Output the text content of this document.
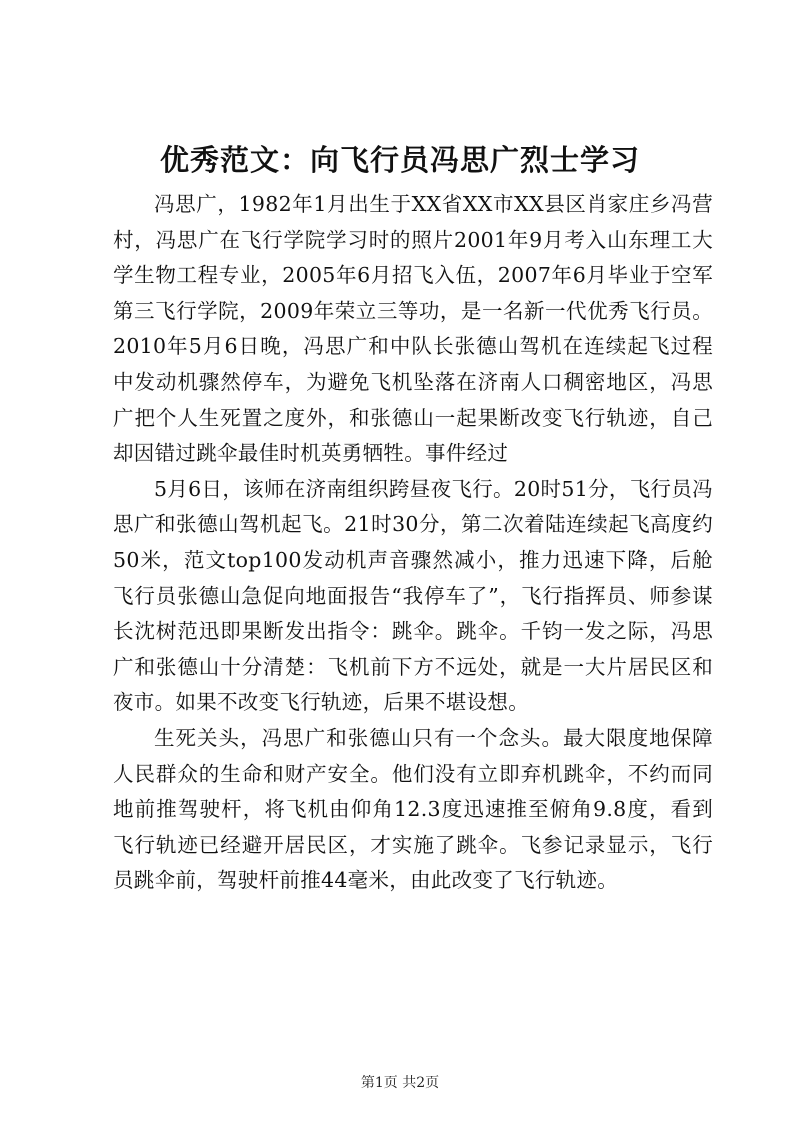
优秀范文：向飞行员冯思广烈士学习

冯思广，1982年1月出生于XX省XX市XX县区肖家庄乡冯营村，冯思广在飞行学院学习时的照片2001年9月考入山东理工大学生物工程专业，2005年6月招飞入伍，2007年6月毕业于空军第三飞行学院，2009年荣立三等功，是一名新一代优秀飞行员。2010年5月6日晚，冯思广和中队长张德山驾机在连续起飞过程中发动机骤然停车，为避免飞机坠落在济南人口稠密地区，冯思广把个人生死置之度外，和张德山一起果断改变飞行轨迹，自己却因错过跳伞最佳时机英勇牺牲。事件经过

5月6日，该师在济南组织跨昼夜飞行。20时51分，飞行员冯思广和张德山驾机起飞。21时30分，第二次着陆连续起飞高度约50米，范文top100发动机声音骤然减小，推力迅速下降，后舱飞行员张德山急促向地面报告“我停车了”，飞行指挥员、师参谋长沈树范迅即果断发出指令：跳伞。跳伞。千钧一发之际，冯思广和张德山十分清楚：飞机前下方不远处，就是一大片居民区和夜市。如果不改变飞行轨迹，后果不堪设想。

生死关头，冯思广和张德山只有一个念头。最大限度地保障人民群众的生命和财产安全。他们没有立即弃机跳伞，不约而同地前推驾驶杆，将飞机由仰角12.3度迅速推至俯角9.8度，看到飞行轨迹已经避开居民区，才实施了跳伞。飞参记录显示，飞行员跳伞前，驾驶杆前推44毫米，由此改变了飞行轨迹。

第1页 共2页
